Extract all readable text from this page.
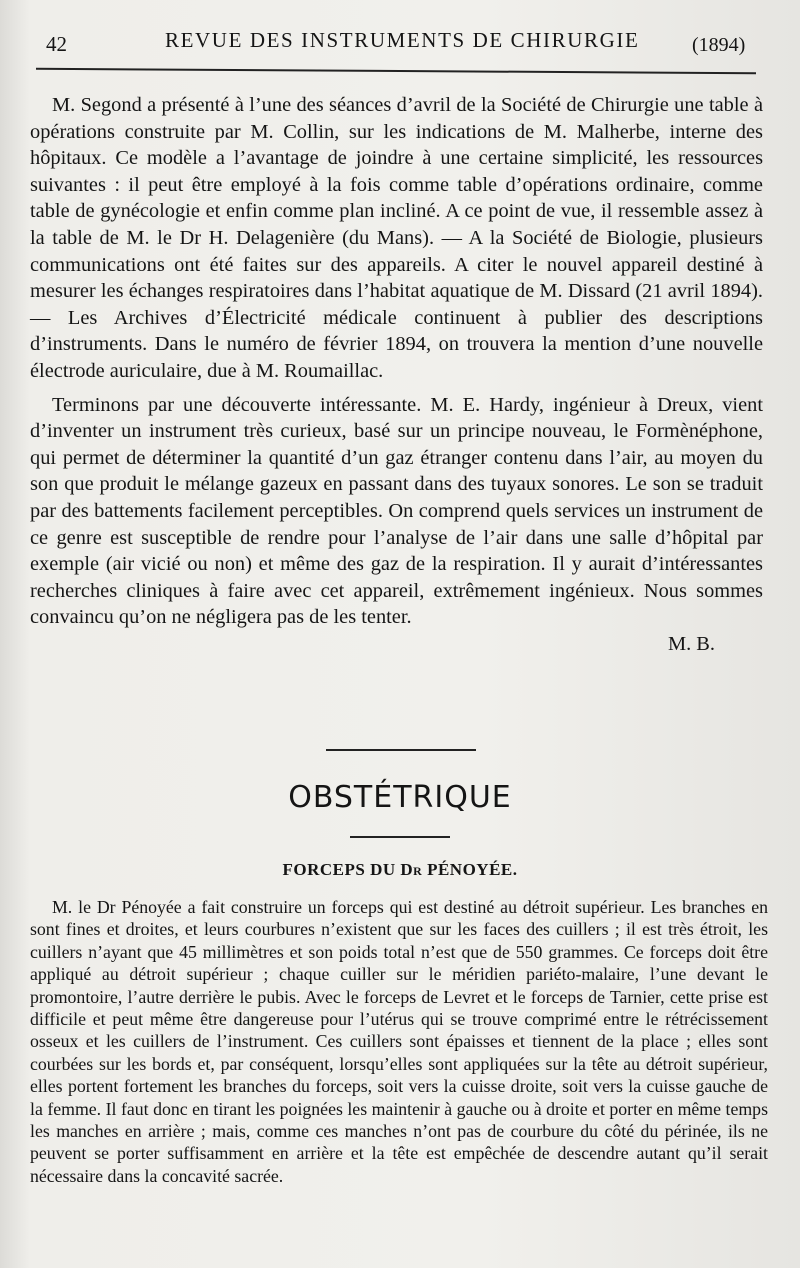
42	REVUE DES INSTRUMENTS DE CHIRURGIE	(1894)

M. Segond a présenté à l’une des séances d’avril de la Société de Chirurgie une table à opérations construite par M. Collin, sur les indications de M. Malherbe, interne des hôpitaux. Ce modèle a l’avantage de joindre à une certaine simplicité, les ressources suivantes : il peut être employé à la fois comme table d’opérations ordinaire, comme table de gynécologie et enfin comme plan incliné. A ce point de vue, il ressemble assez à la table de M. le Dr H. Delagenière (du Mans). — A la Société de Biologie, plusieurs communications ont été faites sur des appareils. A citer le nouvel appareil destiné à mesurer les échanges respiratoires dans l’habitat aquatique de M. Dissard (21 avril 1894). — Les Archives d’Électricité médicale continuent à publier des descriptions d’instruments. Dans le numéro de février 1894, on trouvera la mention d’une nouvelle électrode auriculaire, due à M. Roumaillac.

Terminons par une découverte intéressante. M. E. Hardy, ingénieur à Dreux, vient d’inventer un instrument très curieux, basé sur un principe nouveau, le Formènéphone, qui permet de déterminer la quantité d’un gaz étranger contenu dans l’air, au moyen du son que produit le mélange gazeux en passant dans des tuyaux sonores. Le son se traduit par des battements facilement perceptibles. On comprend quels services un instrument de ce genre est susceptible de rendre pour l’analyse de l’air dans une salle d’hôpital par exemple (air vicié ou non) et même des gaz de la respiration. Il y aurait d’intéressantes recherches cliniques à faire avec cet appareil, extrêmement ingénieux. Nous sommes convaincu qu’on ne négligera pas de les tenter.

M. B.

OBSTÉTRIQUE
FORCEPS DU Dr PÉNOYÉE.

M. le Dr Pénoyée a fait construire un forceps qui est destiné au détroit supérieur. Les branches en sont fines et droites, et leurs courbures n’existent que sur les faces des cuillers ; il est très étroit, les cuillers n’ayant que 45 millimètres et son poids total n’est que de 550 grammes. Ce forceps doit être appliqué au détroit supérieur ; chaque cuiller sur le méridien pariéto-malaire, l’une devant le promontoire, l’autre derrière le pubis. Avec le forceps de Levret et le forceps de Tarnier, cette prise est difficile et peut même être dangereuse pour l’utérus qui se trouve comprimé entre le rétrécissement osseux et les cuillers de l’instrument. Ces cuillers sont épaisses et tiennent de la place ; elles sont courbées sur les bords et, par conséquent, lorsqu’elles sont appliquées sur la tête au détroit supérieur, elles portent fortement les branches du forceps, soit vers la cuisse droite, soit vers la cuisse gauche de la femme. Il faut donc en tirant les poignées les maintenir à gauche ou à droite et porter en même temps les manches en arrière ; mais, comme ces manches n’ont pas de courbure du côté du périnée, ils ne peuvent se porter suffisamment en arrière et la tête est empêchée de descendre autant qu’il serait nécessaire dans la concavité sacrée.
